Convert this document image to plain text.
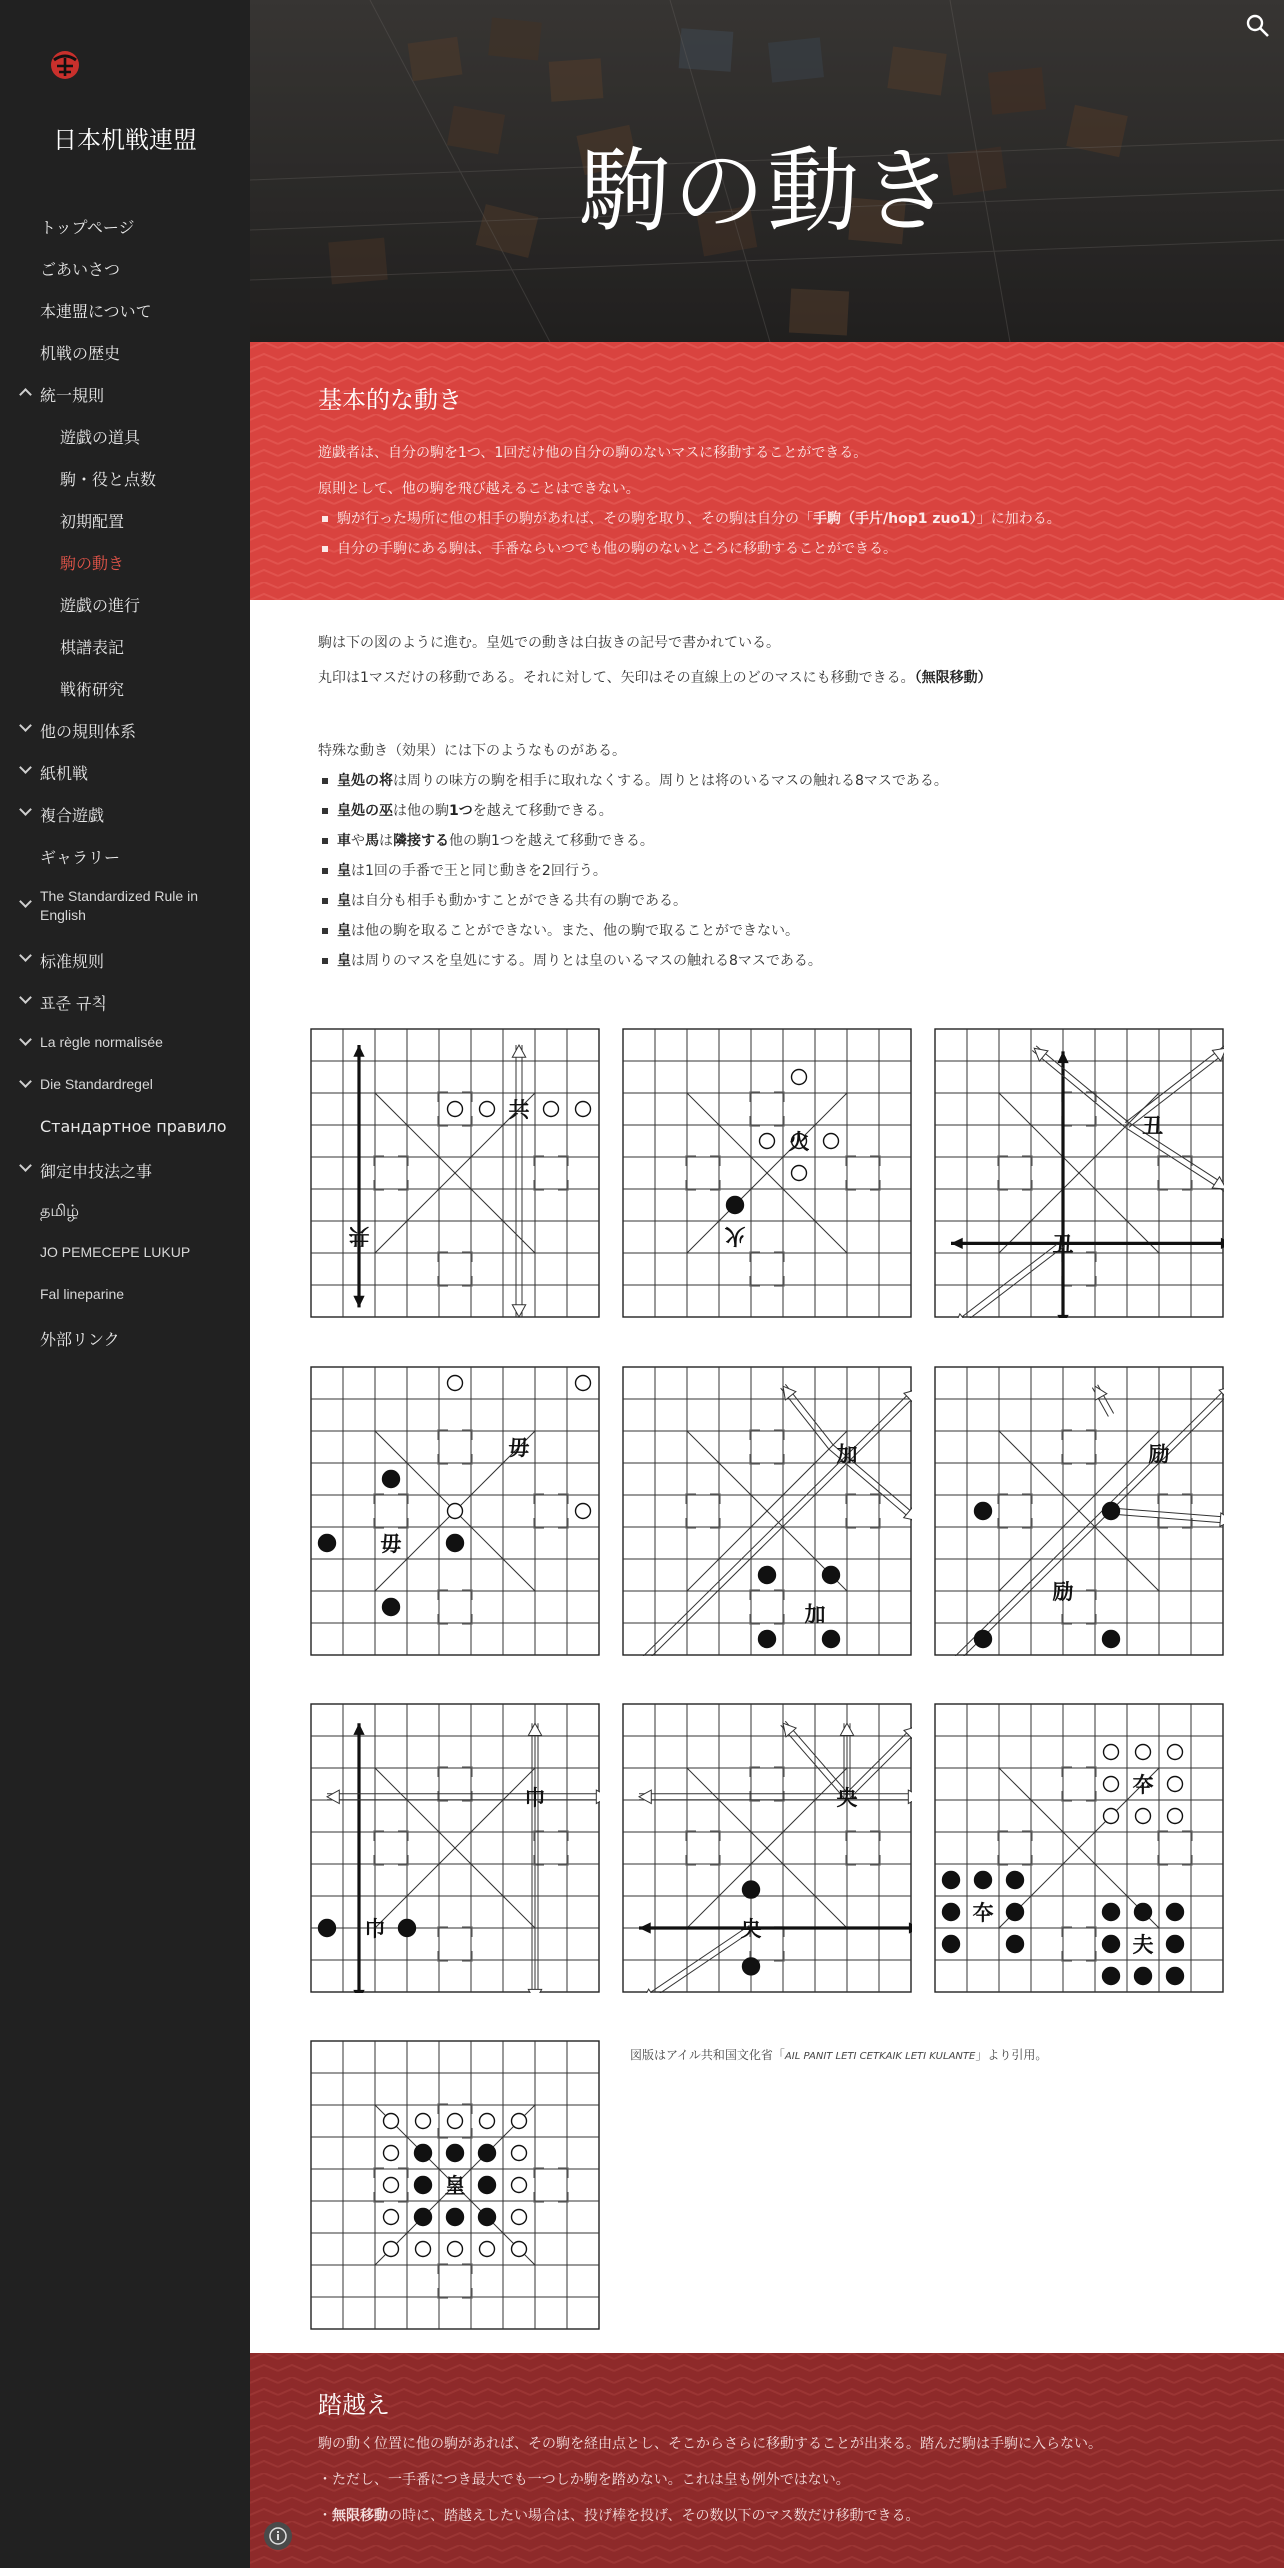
日本机戦連盟
トップページ
ごあいさつ
本連盟について
机戦の歴史
統一規則
遊戯の道具
駒・役と点数
初期配置
駒の動き
遊戯の進行
棋譜表記
戦術研究
他の規則体系
紙机戦
複合遊戯
ギャラリー
The Standardized Rule in English
标准规则
표준 규칙
La règle normalisée
Die Standardregel
Стандартное правило
御定申技法之事
தமிழ்
JO PEMECEPE LUKUP
Fal lineparine
外部リンク
駒の動き
基本的な動き
遊戯者は、自分の駒を1つ、1回だけ他の自分の駒のないマスに移動することができる。
原則として、他の駒を飛び越えることはできない。
駒が行った場所に他の相手の駒があれば、その駒を取り、その駒は自分の「手駒（手片/hop1 zuo1）」に加わる。
自分の手駒にある駒は、手番ならいつでも他の駒のないところに移動することができる。
駒は下の図のように進む。皇処での動きは白抜きの記号で書かれている。
丸印は1マスだけの移動である。それに対して、矢印はその直線上のどのマスにも移動できる。（無限移動）
特殊な動き（効果）には下のようなものがある。
皇処の将は周りの味方の駒を相手に取れなくする。周りとは将のいるマスの触れる8マスである。
皇処の巫は他の駒1つを越えて移動できる。
車や馬は隣接する他の駒1つを越えて移動できる。
皇は1回の手番で王と同じ動きを2回行う。
皇は自分も相手も動かすことができる共有の駒である。
皇は他の駒を取ることができない。また、他の駒で取ることができない。
皇は周りのマスを皇処にする。周りとは皇のいるマスの触れる8マスである。
共
共
火
火	丑
丑
毋
毋
加
加
励
励
巾
巾
央
央
夲
夲
夫
皇
図版はアイル共和国文化省「AIL PANIT LETI CETKAIK LETI KULANTE」より引用。
踏越え
駒の動く位置に他の駒があれば、その駒を経由点とし、そこからさらに移動することが出来る。踏んだ駒は手駒に入らない。
・ただし、一手番につき最大でも一つしか駒を踏めない。これは皇も例外ではない。
・無限移動の時に、踏越えしたい場合は、投げ棒を投げ、その数以下のマス数だけ移動できる。
